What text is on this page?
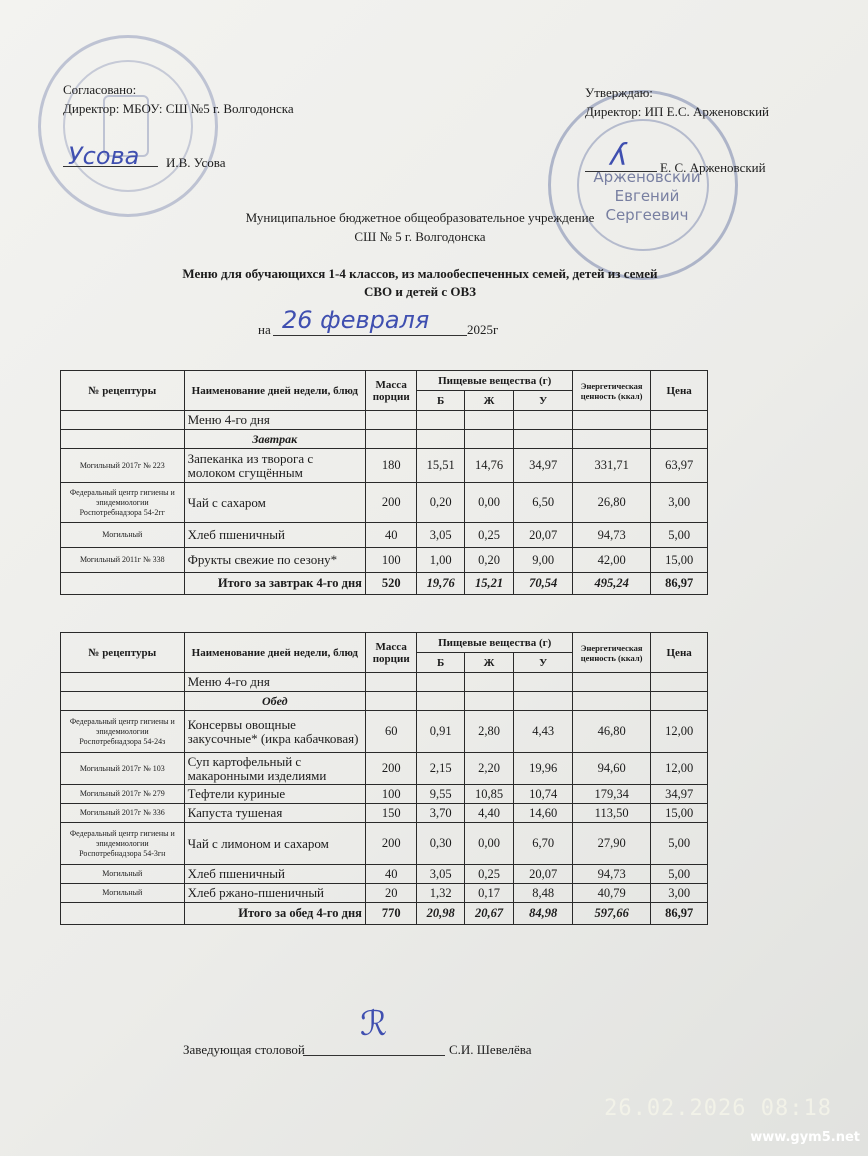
Арженовский Евгений Сергеевич
Согласовано:
Директор: МБОУ: СШ №5 г. Волгодонска
Усова И.В. Усова
Утверждаю:
Директор: ИП Е.С. Арженовский
ʎ Е. С. Арженовский
Муниципальное бюджетное общеобразовательное учреждение
СШ № 5 г. Волгодонска
Меню для обучающихся 1-4 классов, из малообеспеченных семей, детей из семей
СВО и детей с ОВЗ
на 26 февраля	2025г
№ рецептуры	Наименование дней недели, блюд	Масса порции	Пищевые вещества (г)			Энергетическая ценность (ккал)	Цена
			Б	Ж	У		
	Меню 4-го дня						
	Завтрак						
Могильный 2017г № 223	Запеканка из творога с молоком сгущённым	180	15,51	14,76	34,97	331,71	63,97
Федеральный центр гигиены и эпидемиологии Роспотребнадзора 54-2гг	Чай с сахаром	200	0,20	0,00	6,50	26,80	3,00
Могильный	Хлеб пшеничный	40	3,05	0,25	20,07	94,73	5,00
Могильный 2011г № 338	Фрукты свежие по сезону*	100	1,00	0,20	9,00	42,00	15,00
	Итого за завтрак 4-го дня	520	19,76	15,21	70,54	495,24	86,97
№ рецептуры	Наименование дней недели, блюд	Масса порции	Пищевые вещества (г)			Энергетическая ценность (ккал)	Цена
			Б	Ж	У		
	Меню 4-го дня						
	Обед						
Федеральный центр гигиены и эпидемиологии Роспотребнадзора 54-24з	Консервы овощные закусочные* (икра кабачковая)	60	0,91	2,80	4,43	46,80	12,00
Могильный 2017г № 103	Суп картофельный с макаронными изделиями	200	2,15	2,20	19,96	94,60	12,00
Могильный 2017г № 279	Тефтели куриные	100	9,55	10,85	10,74	179,34	34,97
Могильный 2017г № 336	Капуста тушеная	150	3,70	4,40	14,60	113,50	15,00
Федеральный центр гигиены и эпидемиологии Роспотребнадзора 54-3гн	Чай с лимоном и сахаром	200	0,30	0,00	6,70	27,90	5,00
Могильный	Хлеб пшеничный	40	3,05	0,25	20,07	94,73	5,00
Могильный	Хлеб ржано-пшеничный	20	1,32	0,17	8,48	40,79	3,00
	Итого за обед 4-го дня	770	20,98	20,67	84,98	597,66	86,97
Заведующая столовой
ℛ
С.И. Шевелёва
26.02.2026 08:18
www.gym5.net
